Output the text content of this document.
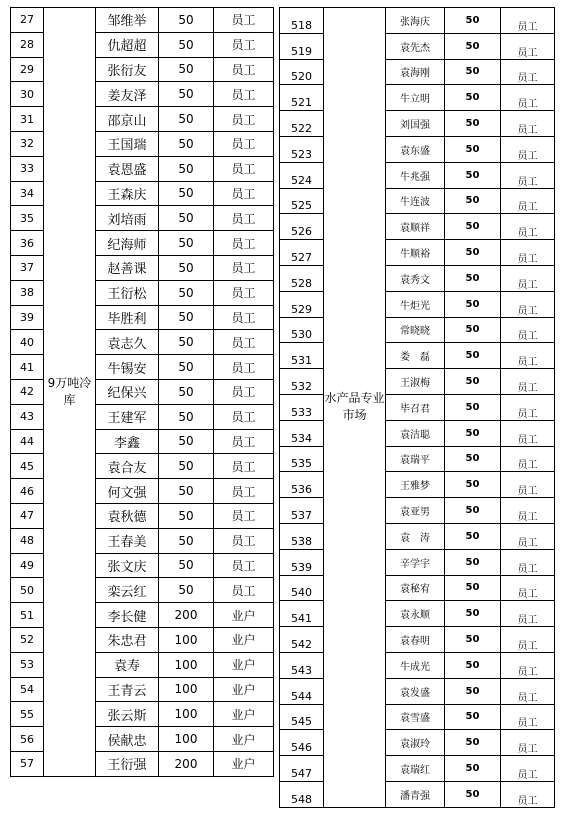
27	9万吨冷库	邹维举	50	员工
28		仇超超	50	员工
29		张衍友	50	员工
30		姜友泽	50	员工
31		邵京山	50	员工
32		王国瑞	50	员工
33		袁恩盛	50	员工
34		王森庆	50	员工
35		刘培雨	50	员工
36		纪海师	50	员工
37		赵善课	50	员工
38		王衍松	50	员工
39		毕胜利	50	员工
40		袁志久	50	员工
41		牛锡安	50	员工
42		纪保兴	50	员工
43		王建军	50	员工
44		李鑫	50	员工
45		袁合友	50	员工
46		何文强	50	员工
47		袁秋德	50	员工
48		王春美	50	员工
49		张文庆	50	员工
50		栾云红	50	员工
51		李长健	200	业户
52		朱忠君	100	业户
53		袁寿	100	业户
54		王青云	100	业户
55		张云斯	100	业户
56		侯献忠	100	业户
57		王衍强	200	业户
518	水产品专业市场	张海庆	50	员工
519		袁先杰	50	员工
520		袁海刚	50	员工
521		牛立明	50	员工
522		刘国强	50	员工
523		袁东盛	50	员工
524		牛兆强	50	员工
525		牛连波	50	员工
526		袁顺祥	50	员工
527		牛顺裕	50	员工
528		袁秀文	50	员工
529		牛炬光	50	员工
530		常晓晓	50	员工
531		娄　磊	50	员工
532		王淑梅	50	员工
533		毕召君	50	员工
534		袁洁聪	50	员工
535		袁瑞平	50	员工
536		王雅梦	50	员工
537		袁亚男	50	员工
538		袁　涛	50	员工
539		辛学宇	50	员工
540		袁秘宥	50	员工
541		袁永顺	50	员工
542		袁春明	50	员工
543		牛成光	50	员工
544		袁发盛	50	员工
545		袁雪盛	50	员工
546		袁淑玲	50	员工
547		袁瑞红	50	员工
548		潘青强	50	员工
